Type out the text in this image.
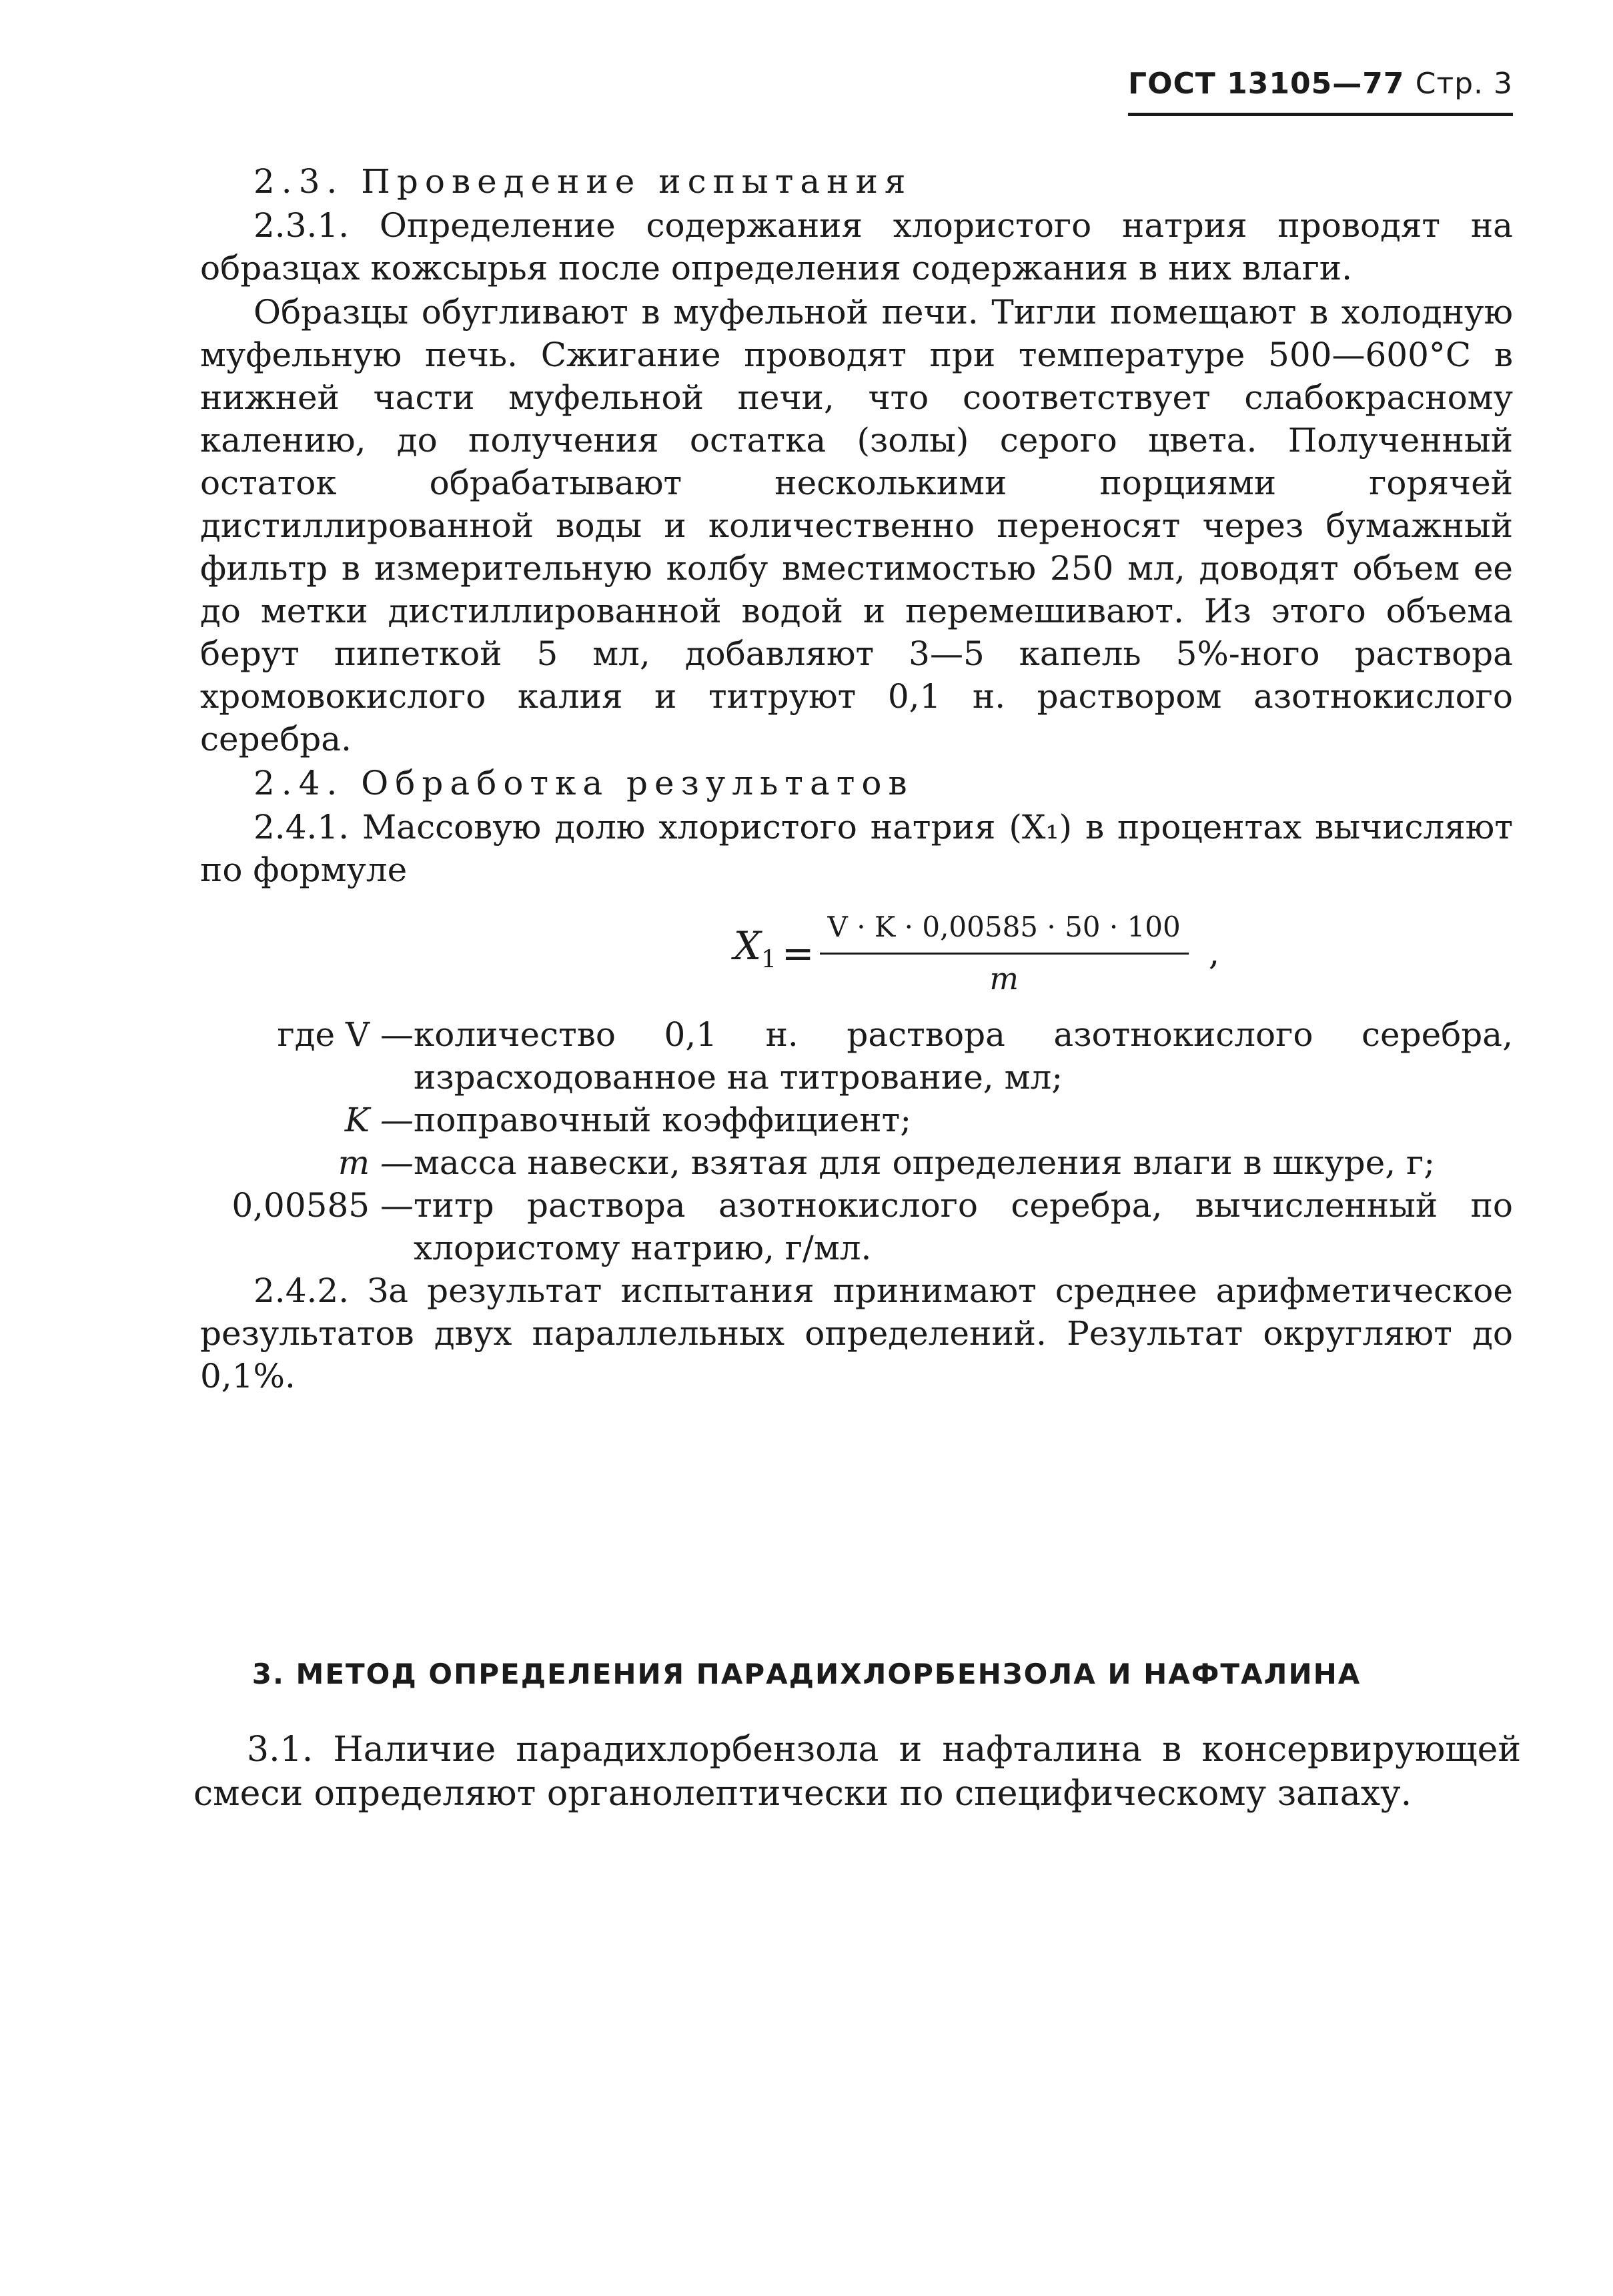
ГОСТ 13105—77 Стр. 3

2.3. Проведение испытания

2.3.1. Определение содержания хлористого натрия проводят на образцах кожсырья после определения содержания в них влаги.

Образцы обугливают в муфельной печи. Тигли помещают в холодную муфельную печь. Сжигание проводят при температуре 500—600°С в нижней части муфельной печи, что соответствует слабокрасному калению, до получения остатка (золы) серого цвета. Полученный остаток обрабатывают несколькими порциями горячей дистиллированной воды и количественно переносят через бумажный фильтр в измерительную колбу вместимостью 250 мл, доводят объем ее до метки дистиллированной водой и перемешивают. Из этого объема берут пипеткой 5 мл, добавляют 3—5 капель 5%-ного раствора хромовокислого калия и титруют 0,1 н. раствором азотнокислого серебра.

2.4. Обработка результатов

2.4.1. Массовую долю хлористого натрия (X₁) в процентах вычисляют по формуле

$X_1 = \frac{V \cdot K \cdot 0,00585 \cdot 50 \cdot 100}{m}$ ,
где V — количество 0,1 н. раствора азотнокислого серебра, израсходованное на титрование, мл;
K — поправочный коэффициент;
m — масса навески, взятая для определения влаги в шкуре, г;
0,00585 — титр раствора азотнокислого серебра, вычисленный по хлористому натрию, г/мл.

2.4.2. За результат испытания принимают среднее арифметическое результатов двух параллельных определений. Результат округляют до 0,1%.

3. МЕТОД ОПРЕДЕЛЕНИЯ ПАРАДИХЛОРБЕНЗОЛА И НАФТАЛИНА

3.1. Наличие парадихлорбензола и нафталина в консервирующей смеси определяют органолептически по специфическому запаху.
